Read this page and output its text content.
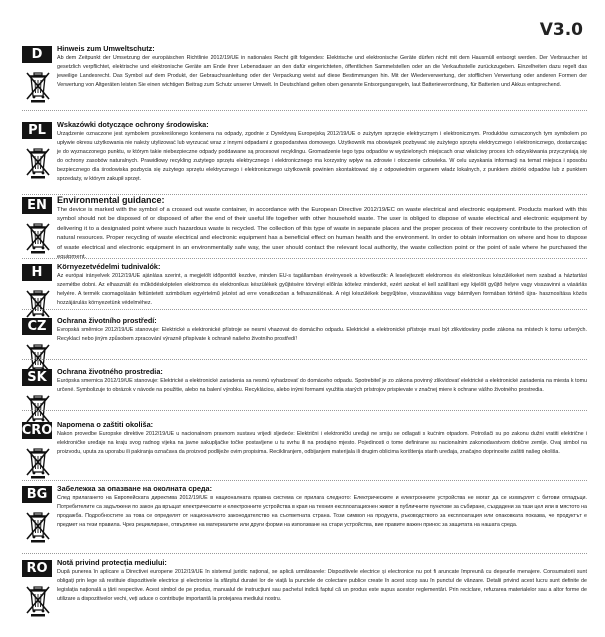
V3.0
D	Hinweis zum Umweltschutz:
Ab dem Zeitpunkt der Umsetzung der europäischen Richtlinie 2012/19/UE in nationales Recht gilt folgendes: Elektrische und elektronische Geräte dürfen nicht mit dem Hausmüll entsorgt werden. Der Verbraucher ist gesetzlich verpflichtet, elektrische und elektronische Geräte am Ende ihrer Lebensdauer an den dafür eingerichteten, öffentlichen Sammelstellen oder an die Verkaufsstelle zurückzugeben. Einzelheiten dazu regelt das jeweilige Landesrecht. Das Symbol auf dem Produkt, der Gebrauchsanleitung oder der Verpackung weist auf diese Bestimmungen hin. Mit der Wiederverwertung, der stofflichen Verwertung oder anderen Formen der Verwertung von Altgeräten leisten Sie einen wichtigen Beitrag zum Schutz unserer Umwelt. In Deutschland gelten oben genannte Entsorgungsregeln, laut Batterieverordnung, für Batterien und Akkus entsprechend.
PL	Wskazówki dotyczące ochrony środowiska:
Urządzenie oznaczone jest symbolem przekreślonego kontenera na odpady, zgodnie z Dyrektywą Europejską 2012/19/UE o zużytym sprzęcie elektrycznym i elektronicznym. Produktów oznaczonych tym symbolem po upływie okresu użytkowania nie należy utylizować lub wyrzucać wraz z innymi odpadami z gospodarstwa domowego. Użytkownik ma obowiązek pozbywać się zużytego sprzętu elektrycznego i elektronicznego, dostarczając je do wyznaczonego punktu, w którym takie niebezpieczne odpady poddawane są procesowi recyklingu. Gromadzenie tego typu odpadów w wydzielonych miejscach oraz właściwy proces ich odzyskiwania przyczyniają się do ochrony zasobów naturalnych. Prawidłowy recykling zużytego sprzętu elektrycznego i elektronicznego ma korzystny wpływ na zdrowie i otoczenie człowieka. W celu uzyskania informacji na temat miejsca i sposobu bezpiecznego dla środowiska pozbycia się zużytego sprzętu elektrycznego i elektronicznego użytkownik powinien skontaktować się z odpowiednim organem władz lokalnych, z punktem zbiórki odpadów lub z punktem sprzedaży, w którym zakupił sprzęt.
EN	Environmental guidance:
The device is marked with the symbol of a crossed out waste container, in accordance with the European Directive 2012/19/EC on waste electrical and electronic equipment. Products marked with this symbol should not be disposed of or disposed of after the end of their useful life together with other household waste. The user is obliged to dispose of waste electrical and electronic equipment by delivering it to a designated point where such hazardous waste is recycled. The collection of this type of waste in separate places and the proper process of their recovery contribute to the protection of natural resources. Proper recycling of waste electrical and electronic equipment has a beneficial effect on human health and the environment. In order to obtain information on where and how to dispose of waste electrical and electronic equipment in an environmentally safe way, the user should contact the relevant local authority, the waste collection point or the point of sale where he purchased the equipment.
H	Környezetvédelmi tudnivalók:
Az európai irányelvek 2012/19/UE ajánlása szerint, a megjelölt időponttól kezdve, minden EU-s tagállamban érvényesek a következők: A leselejtezett elektromos és elektronikus készülékeket nem szabad a háztartási szemétbe dobni. Az elhasznált és működésképtelen elektromos és elektronikus készülékek gyűjtésére törvényi előírás kötelez mindenkit, ezért azokat el kell szállítani egy kijelölt gyűjtő helyre vagy visszavinni a vásárlás helyére. A termék csomagolásán feltüntetett szimbólum egyértelmű jelzést ad erre vonatkozóan a felhasználónak. A régi készülékek begyűjtése, visszaváltása vagy bármilyen formában történő újra- hasznosítása közös hozzájárulás környezetünk védelméhez.
CZ	Ochrana životního prostředí:
Evropská směrnice 2012/19/UE stanovuje: Elektrické a elektronické přístroje se nesmí vhazovat do domácího odpadu. Elektrické a elektronické přístroje musí být zlikvidovány podle zákona na místech k tomu určených. Recyklací nebo jiným způsobem zpracování výrazně přispívate k ochraně našeho životního prostředí!
SK	Ochrana životného prostredia:
Európska smernica 2012/19/UE stanovuje: Elektrické a elektronické zariadenia sa nesmú vyhadzovať do domáceho odpadu. Spotrebiteľ je zo zákona povinný zlikvidovať elektrické a elektronické zariadenia na miesta k tomu určené. Symbolizuje to obrázok v návode na použitie, alebo na balení výrobku. Recykláciou, alebo inými formami využitia starých prístrojov prispievate v značnej miere k ochrane vášho životného prostredia.
CRO Napomena o zaštiti okoliša:
Nakon provedbe Europske direktive 2012/19/UE u nacionalnom pravnom sustavu vrijedi sljedeće: Električni i elektronički uređaji ne smiju se odlagati s kućnim otpadom. Potrošači su po zakonu dužni vratiti električne i elektroničke uređaje na kraju svog radnog vijeka na javne sakupljačke točke postavljene u tu svrhu ili na prodajno mjesto. Pojedinosti o tome definirane su nacionalnim zakonodavstvom dotične zemlje. Ovaj simbol na proizvodu, uputa za uporabu ili pakiranja označava da proizvod podliježe ovim propisima. Recikliranjem, odbijanjem materijala ili drugim oblicima korištenja starih uređaja, značajno doprinosite zaštiti našeg okoliša.
BG	Забележка за опазване на околната среда:
След прилагането на Европейската директива 2012/19/UE в националната правна система се прилага следното: Електрическите и електронните устройства не могат да се изхвърлят с битови отпадъци. Потребителите са задължени по закон да връщат електрическите и електронните устройства в края на техния експлоатационен живот в публичните пунктове за събиране, създадени за тази цел или в мястото на продажба. Подробностите за това се определят от националното законодателство на съответната страна. Този символ на продукта, ръководството за експлоатация или опаковката показва, че продуктът е предмет на тези правила. Чрез рециклиране, отвърляне на материалите или други форми на използване на стари устройства, вие правите важен принос за защитата на нашата среда.
RO	Notă privind protecția mediului:
După punerea în aplicare a Directivei europene 2012/19/UE în sistemul juridic național, se aplică următoarele: Dispozitivele electrice și electronice nu pot fi aruncate împreună cu deșeurile menajere. Consumatorii sunt obligați prin lege să restituie dispozitivele electrice și electronice la sfârșitul duratei lor de viață la punctele de colectare publice create în acest scop sau în punctul de vânzare. Detalii privind acest lucru sunt definite de legislația națională a țării respective. Acest simbol de pe produs, manualul de instrucțiuni sau pachetul indică faptul că un produs este supus acestor reglementări. Prin reciclare, refuzarea materialelor sau a altor forme de utilizare a dispozitivelor vechi, veți aduce o contribuție importantă la protejarea mediului nostru.
